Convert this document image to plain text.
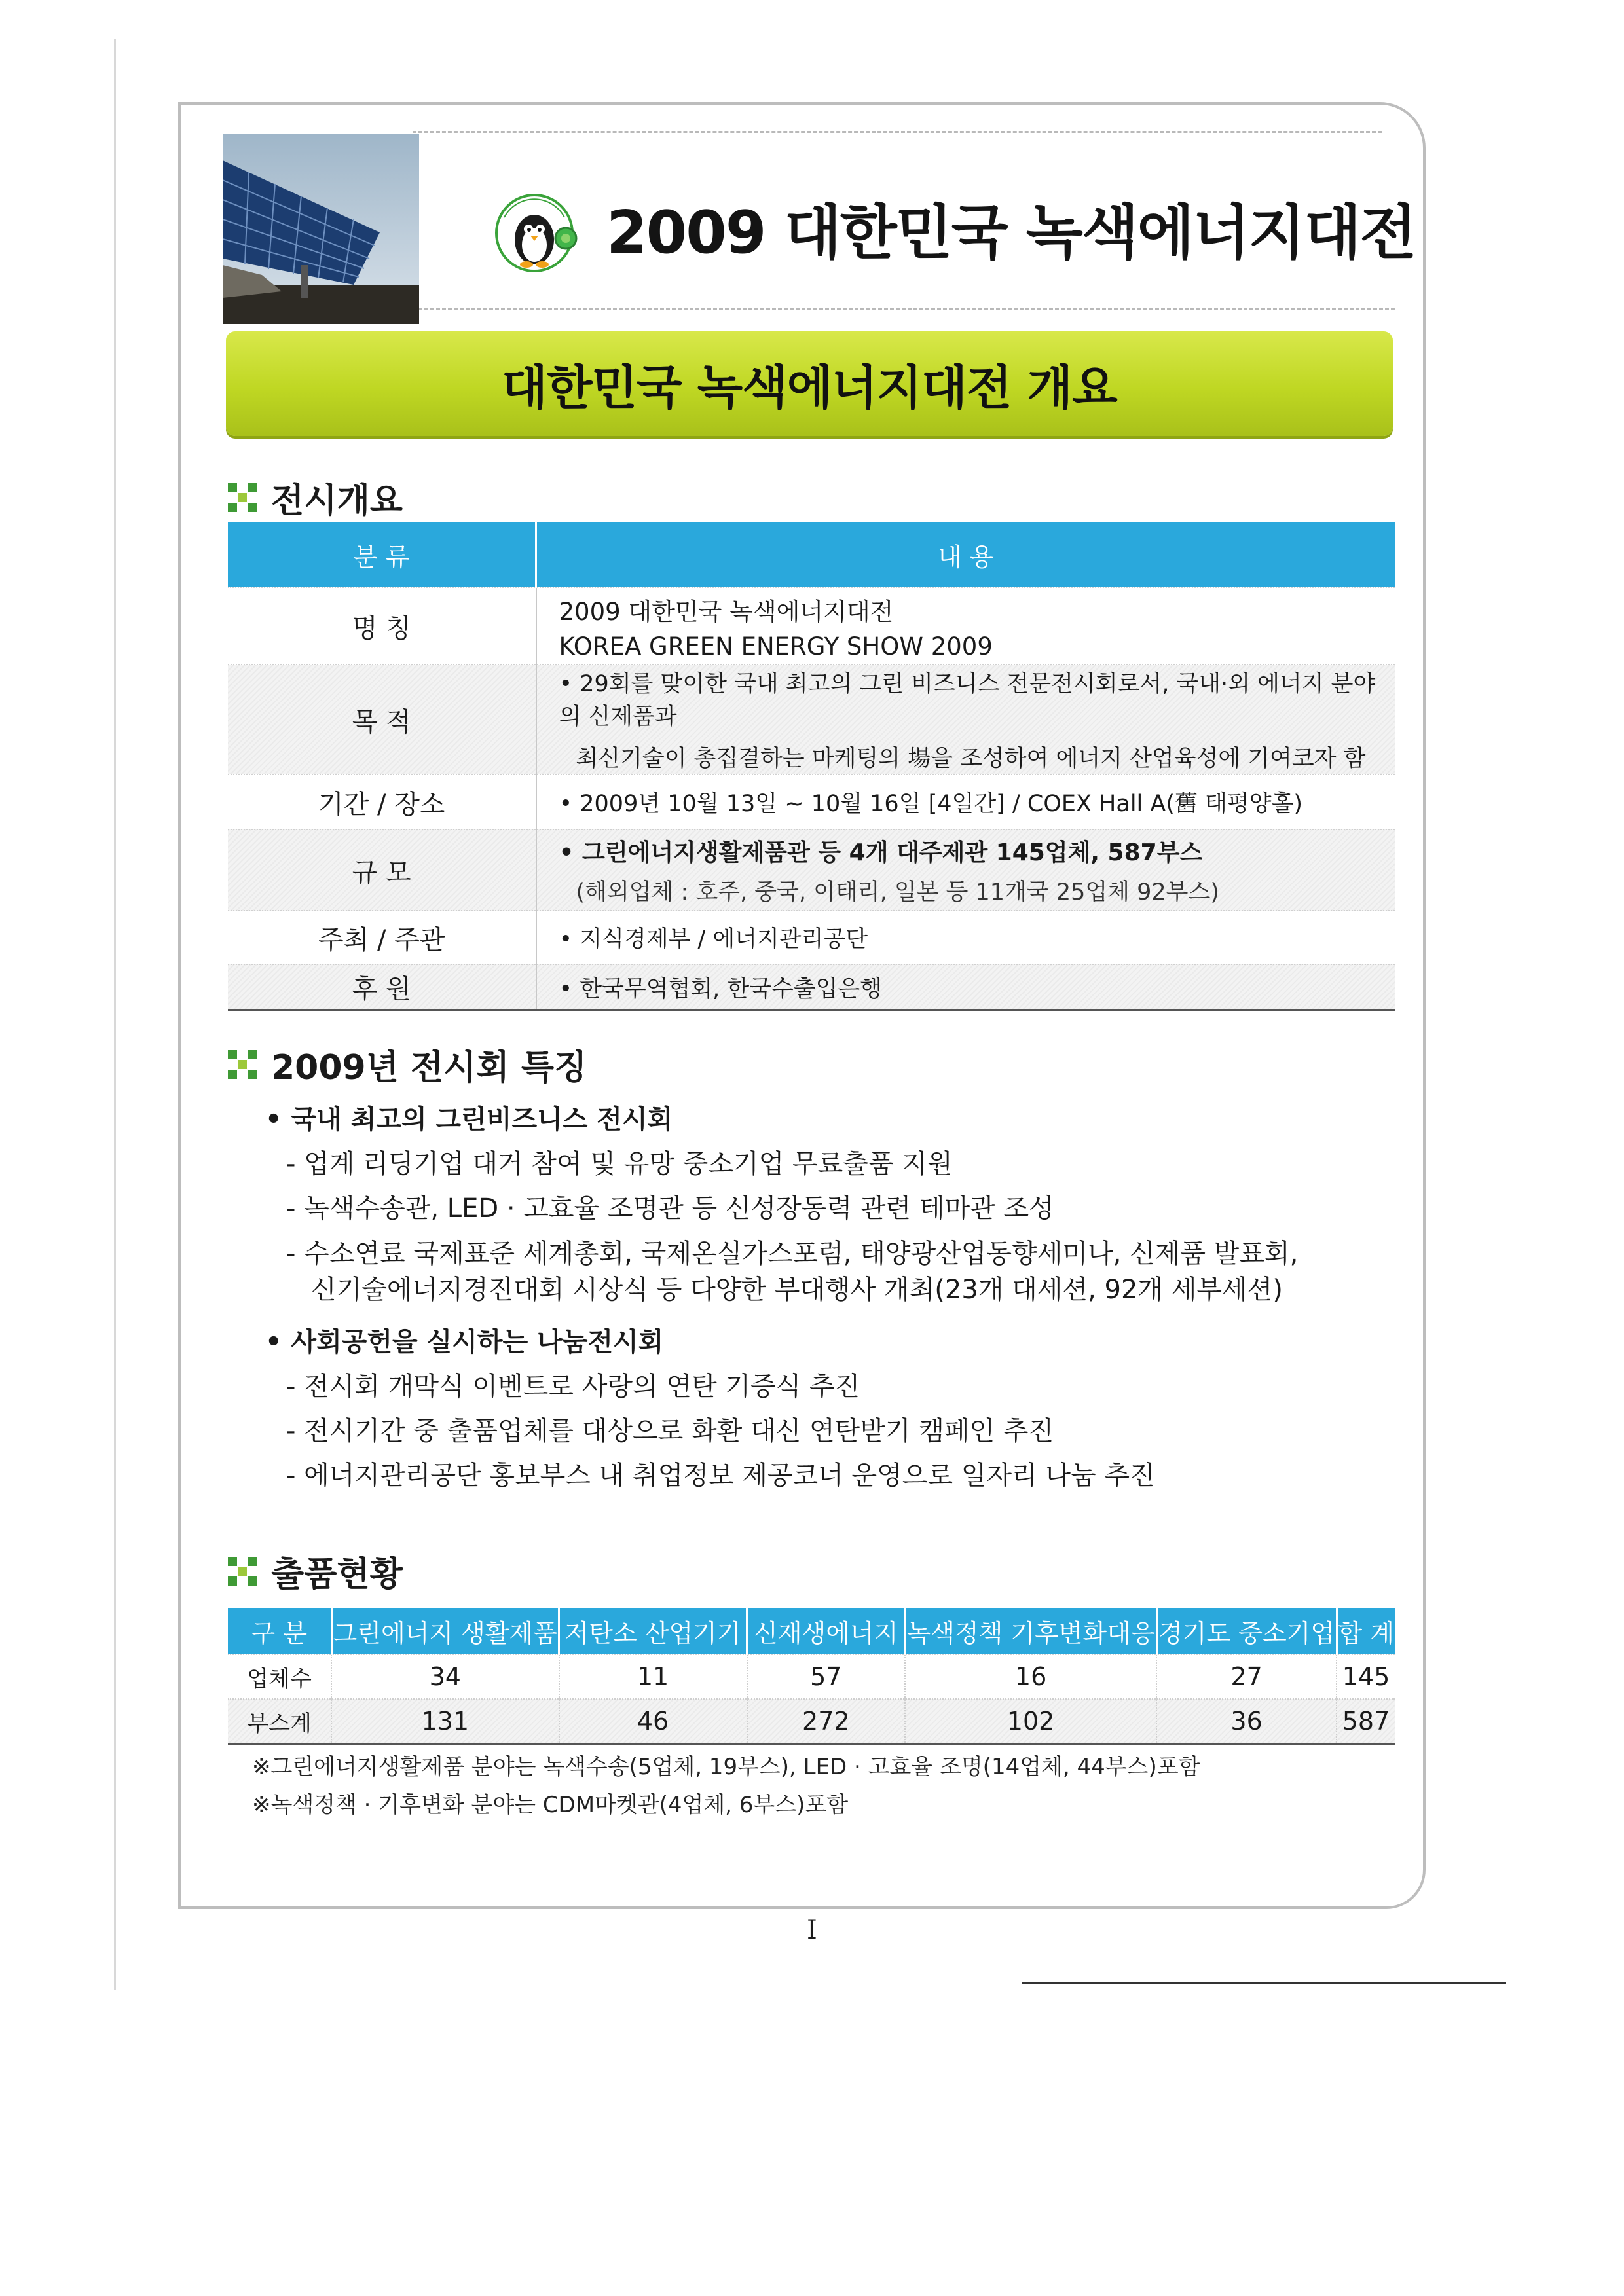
2009 대한민국 녹색에너지대전
대한민국 녹색에너지대전 개요
전시개요
분 류	내 용
명 칭	2009 대한민국 녹색에너지대전
KOREA GREEN ENERGY SHOW 2009

목 적	• 29회를 맞이한 국내 최고의 그린 비즈니스 전문전시회로서, 국내·외 에너지 분야의 신제품과
최신기술이 총집결하는 마케팅의 場을 조성하여 에너지 산업육성에 기여코자 함

기간 / 장소	• 2009년 10월 13일 ~ 10월 16일 [4일간] / COEX Hall A(舊 태평양홀)
규 모	• 그린에너지생활제품관 등 4개 대주제관 145업체, 587부스
(해외업체 : 호주, 중국, 이태리, 일본 등 11개국 25업체 92부스)

주최 / 주관	• 지식경제부 / 에너지관리공단
후 원	• 한국무역협회, 한국수출입은행
2009년 전시회 특징
• 국내 최고의 그린비즈니스 전시회
- 업계 리딩기업 대거 참여 및 유망 중소기업 무료출품 지원
- 녹색수송관, LED · 고효율 조명관 등 신성장동력 관련 테마관 조성
- 수소연료 국제표준 세계총회, 국제온실가스포럼, 태양광산업동향세미나, 신제품 발표회,
신기술에너지경진대회 시상식 등 다양한 부대행사 개최(23개 대세션, 92개 세부세션)
• 사회공헌을 실시하는 나눔전시회
- 전시회 개막식 이벤트로 사랑의 연탄 기증식 추진
- 전시기간 중 출품업체를 대상으로 화환 대신 연탄받기 캠페인 추진
- 에너지관리공단 홍보부스 내 취업정보 제공코너 운영으로 일자리 나눔 추진
출품현황
구 분	그린에너지 생활제품	저탄소 산업기기	신재생에너지	녹색정책 기후변화대응	경기도 중소기업	합 계
업체수	34	11	57	16	27	145
부스계	131	46	272	102	36	587
※그린에너지생활제품 분야는 녹색수송(5업체, 19부스), LED · 고효율 조명(14업체, 44부스)포함
※녹색정책 · 기후변화 분야는 CDM마켓관(4업체, 6부스)포함
I
